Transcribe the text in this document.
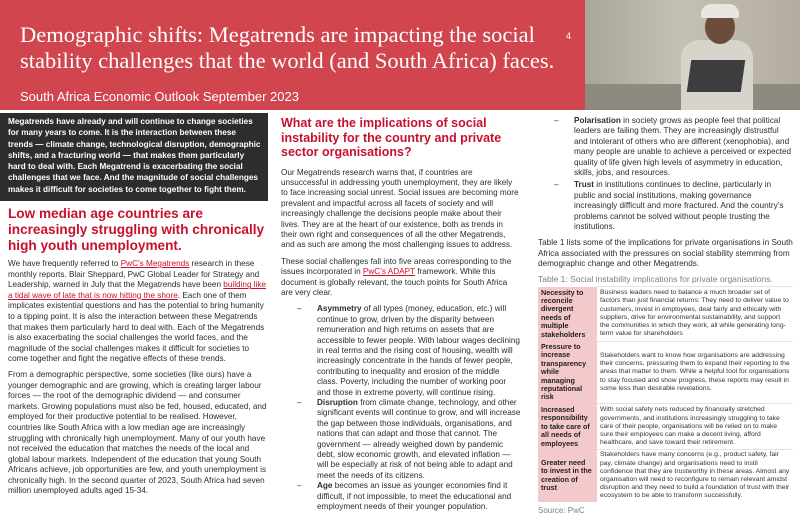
Demographic shifts: Megatrends are impacting the social stability challenges that the world (and South Africa) faces.
4
South Africa Economic Outlook September 2023
Megatrends have already and will continue to change societies for many years to come. It is the interaction between these trends — climate change, technological disruption, demographic shifts, and a fracturing world — that makes them particularly hard to deal with. Each Megatrend is exacerbating the social challenges that we face. And the magnitude of social challenges makes it difficult for societies to come together to fight them.
Low median age countries are increasingly struggling with chronically high youth unemployment.

We have frequently referred to PwC’s Megatrends research in these monthly reports. Blair Sheppard, PwC Global Leader for Strategy and Leadership, warned in July that the Megatrends have been building like a tidal wave of late that is now hitting the shore. Each one of them implicates existential questions and has the potential to bring humanity to a tipping point. It is also the interaction between these Megatrends that makes them particularly hard to deal with. Each of the Megatrends is also exacerbating the social challenges the world faces, and the magnitude of the social challenges makes it difficult for societies to come together and fight the negative effects of these trends.

From a demographic perspective, some societies (like ours) have a younger demographic and are growing, which is creating larger labour forces — the root of the demographic dividend — and consumer markets. Growing populations must also be fed, housed, educated, and employed for their productive potential to be realised. However, countries like South Africa with a low median age are increasingly struggling with chronically high unemployment. Many of our youth have not received the education that matches the needs of the local and global labour markets. Independent of the education that young South Africans achieve, job opportunities are few, and youth unemployment is chronically high. In the second quarter of 2023, South Africa had seven million unemployed adults aged 15-34.

What are the implications of social instability for the country and private sector organisations?

Our Megatrends research warns that, if countries are unsuccessful in addressing youth unemployment, they are likely to face increasing social unrest. Social issues are becoming more prevalent and impactful across all facets of society and will increasingly challenge the decisions people make about their lives. They are at the heart of our existence, both as trends in their own right and consequences of all the other Megatrends, and as such are among the most challenging issues to address.

These social challenges fall into five areas corresponding to the issues incorporated in PwC’s ADAPT framework. While this document is globally relevant, the touch points for South Africa are very clear.

–	Asymmetry of all types (money, education, etc.) will continue to grow, driven by the disparity between remuneration and high returns on assets that are accessible to fewer people. With labour wages declining in real terms and the rising cost of housing, wealth will increasingly concentrate in the hands of fewer people, contributing to inequality and erosion of the middle class. Poverty, including the number of working poor and those in extreme poverty, will continue rising.
–	Disruption from climate change, technology, and other significant events will continue to grow, and will increase the gap between those individuals, organisations, and nations that can adapt and those that cannot. The government — already weighed down by pandemic debt, slow economic growth, and elevated inflation — will be especially at risk of not being able to adapt and meet the needs of its citizens.
–	Age becomes an issue as younger economies find it difficult, if not impossible, to meet the educational and employment needs of their younger population.
–	Polarisation in society grows as people feel that political leaders are failing them. They are increasingly distrustful and intolerant of others who are different (xenophobia), and many people are unable to achieve a perceived or expected quality of life given high levels of asymmetry in education, skills, jobs, and resources.
–	Trust in institutions continues to decline, particularly in public and social institutions, making governance increasingly difficult and more fractured. And the country’s problems cannot be solved without people trusting the institutions.

Table 1 lists some of the implications for private organisations in South Africa associated with the pressures on social stability stemming from demographic change and other Megatrends.

Table 1: Social instability implications for private organisations.
Necessity to reconcile divergent needs of multiple stakeholders	Business leaders need to balance a much broader set of factors than just financial returns: They need to deliver value to customers, invest in employees, deal fairly and ethically with suppliers, drive for environmental sustainability, and support the communities in which they work, all while generating long-term value for shareholders
Pressure to increase transparency while managing reputational risk	Stakeholders want to know how organisations are addressing their concerns, pressuring them to expand their reporting to the areas that matter to them. While a helpful tool for organisations to stay focused and show progress, these reports may result in some less than desirable revelations.
Increased responsibility to take care of all needs of employees	With social safety nets reduced by financially stretched governments, and institutions increasingly struggling to take care of their people, organisations will be relied on to make sure their employees can make a decent living, afford healthcare, and save toward their retirement.
Greater need to invest in the creation of trust	Stakeholders have many concerns (e.g., product safety, fair pay, climate change) and organisations need to instil confidence that they are trustworthy in these areas. Almost any organisation will need to reconfigure to remain relevant amidst disruption and they need to build a foundation of trust with their ecosystem to be able to transform successfully.
Source: PwC
